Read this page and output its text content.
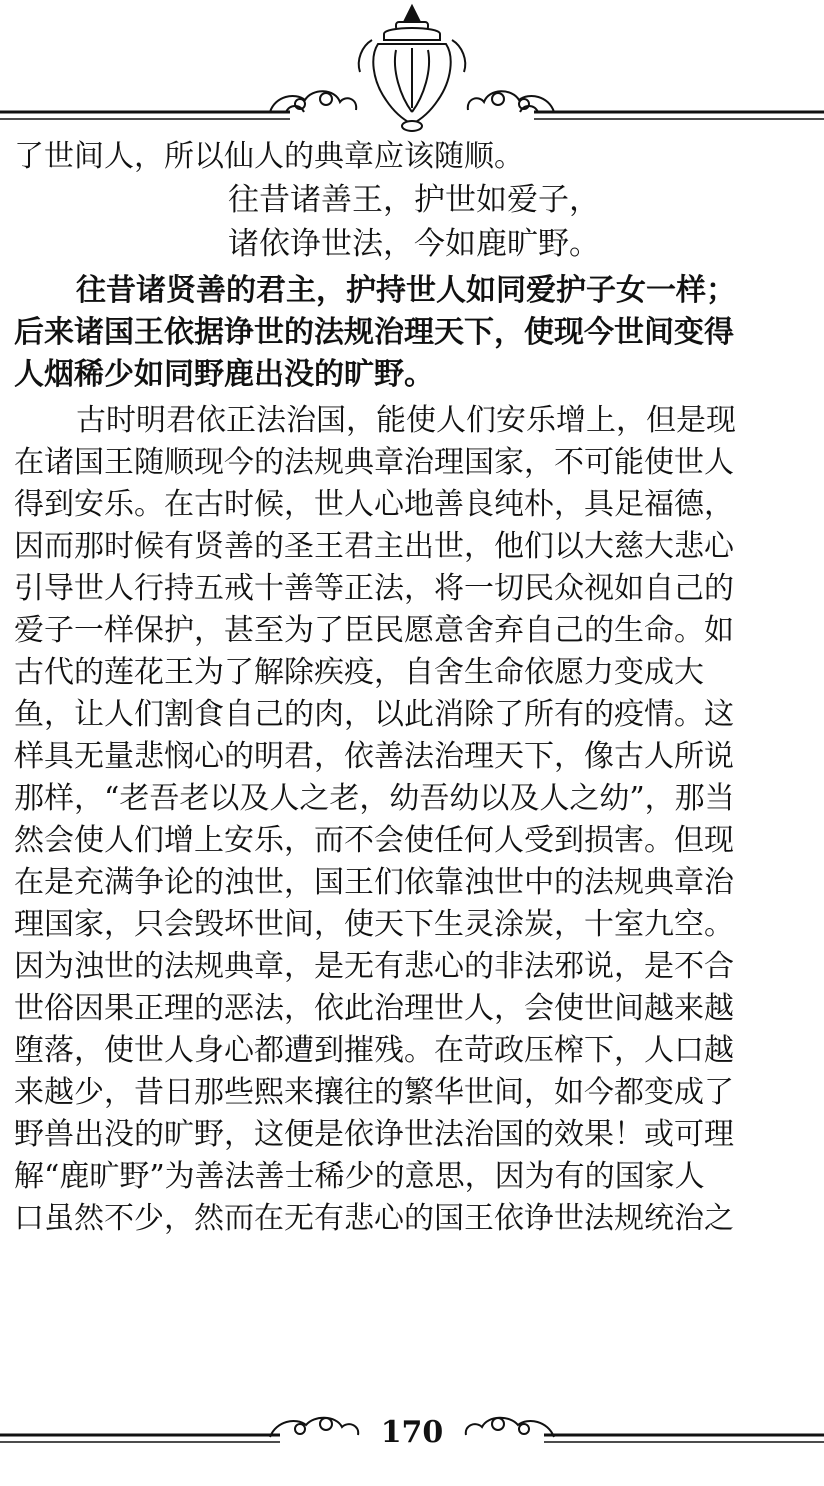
了世间人，所以仙人的典章应该随顺。
往昔诸善王，护世如爱子，
诸依诤世法，今如鹿旷野。
往昔诸贤善的君主，护持世人如同爱护子女一样；
后来诸国王依据诤世的法规治理天下，使现今世间变得
人烟稀少如同野鹿出没的旷野。
古时明君依正法治国，能使人们安乐增上，但是现
在诸国王随顺现今的法规典章治理国家，不可能使世人
得到安乐。在古时候，世人心地善良纯朴，具足福德，
因而那时候有贤善的圣王君主出世，他们以大慈大悲心
引导世人行持五戒十善等正法，将一切民众视如自己的
爱子一样保护，甚至为了臣民愿意舍弃自己的生命。如
古代的莲花王为了解除疾疫，自舍生命依愿力变成大
鱼，让人们割食自己的肉，以此消除了所有的疫情。这
样具无量悲悯心的明君，依善法治理天下，像古人所说
那样，“老吾老以及人之老，幼吾幼以及人之幼”，那当
然会使人们增上安乐，而不会使任何人受到损害。但现
在是充满争论的浊世，国王们依靠浊世中的法规典章治
理国家，只会毁坏世间，使天下生灵涂炭，十室九空。
因为浊世的法规典章，是无有悲心的非法邪说，是不合
世俗因果正理的恶法，依此治理世人，会使世间越来越
堕落，使世人身心都遭到摧残。在苛政压榨下，人口越
来越少，昔日那些熙来攘往的繁华世间，如今都变成了
野兽出没的旷野，这便是依诤世法治国的效果！或可理
解“鹿旷野”为善法善士稀少的意思，因为有的国家人
口虽然不少，然而在无有悲心的国王依诤世法规统治之
170
